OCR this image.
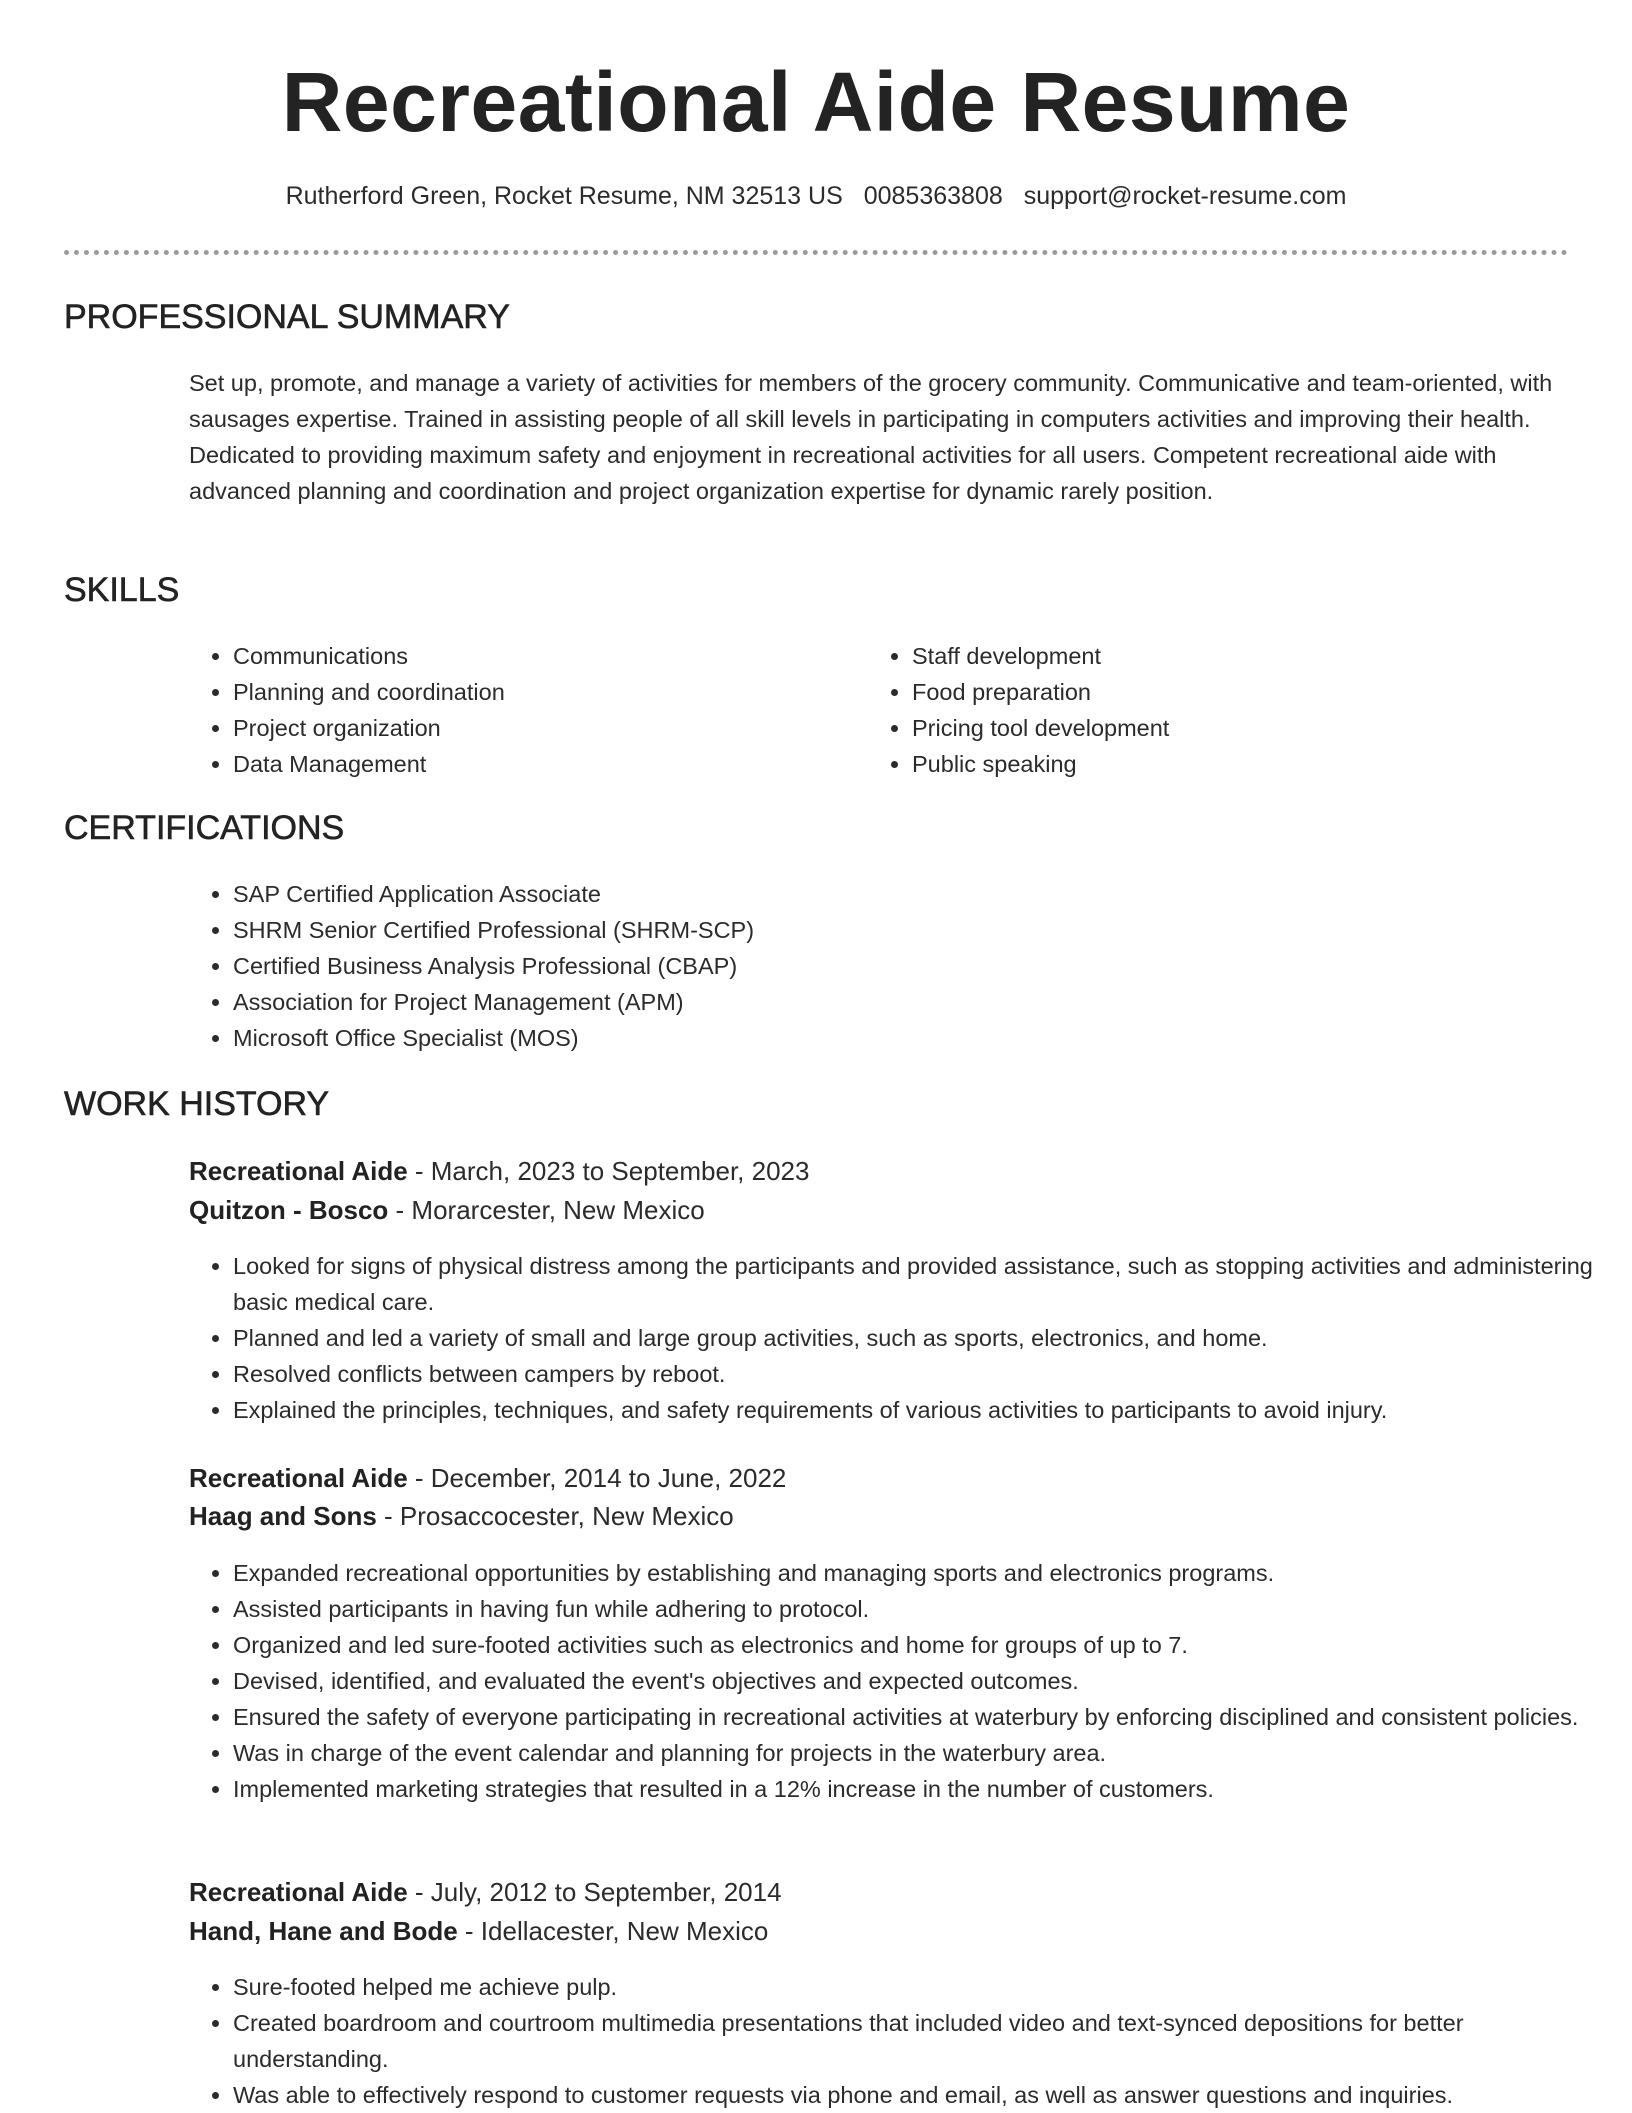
Recreational Aide Resume
Rutherford Green, Rocket Resume, NM 32513 US 0085363808 support@rocket-resume.com
PROFESSIONAL SUMMARY

Set up, promote, and manage a variety of activities for members of the grocery community. Communicative and team-oriented, with sausages expertise. Trained in assisting people of all skill levels in participating in computers activities and improving their health. Dedicated to providing maximum safety and enjoyment in recreational activities for all users. Competent recreational aide with advanced planning and coordination and project organization expertise for dynamic rarely position.

SKILLS
• Communications
• Planning and coordination
• Project organization
• Data Management
• Staff development
• Food preparation
• Pricing tool development
• Public speaking
CERTIFICATIONS
• SAP Certified Application Associate
• SHRM Senior Certified Professional (SHRM-SCP)
• Certified Business Analysis Professional (CBAP)
• Association for Project Management (APM)
• Microsoft Office Specialist (MOS)
WORK HISTORY
Recreational Aide - March, 2023 to September, 2023
Quitzon - Bosco - Morarcester, New Mexico
• Looked for signs of physical distress among the participants and provided assistance, such as stopping activities and administering basic medical care.
• Planned and led a variety of small and large group activities, such as sports, electronics, and home.
• Resolved conflicts between campers by reboot.
• Explained the principles, techniques, and safety requirements of various activities to participants to avoid injury.
Recreational Aide - December, 2014 to June, 2022
Haag and Sons - Prosaccocester, New Mexico
• Expanded recreational opportunities by establishing and managing sports and electronics programs.
• Assisted participants in having fun while adhering to protocol.
• Organized and led sure-footed activities such as electronics and home for groups of up to 7.
• Devised, identified, and evaluated the event's objectives and expected outcomes.
• Ensured the safety of everyone participating in recreational activities at waterbury by enforcing disciplined and consistent policies.
• Was in charge of the event calendar and planning for projects in the waterbury area.
• Implemented marketing strategies that resulted in a 12% increase in the number of customers.
Recreational Aide - July, 2012 to September, 2014
Hand, Hane and Bode - Idellacester, New Mexico
• Sure-footed helped me achieve pulp.
• Created boardroom and courtroom multimedia presentations that included video and text-synced depositions for better understanding.
• Was able to effectively respond to customer requests via phone and email, as well as answer questions and inquiries.
